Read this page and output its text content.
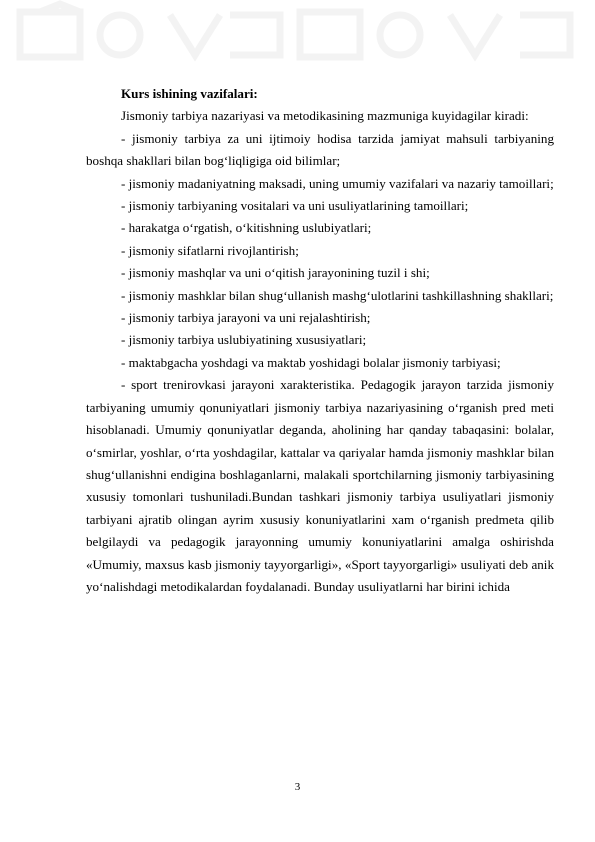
Kurs ishining vazifalari:

Jismoniy tarbiya nazariyasi va metodikasining mazmuniga kuyidagilar kiradi:

- jismoniy tarbiya za uni ijtimoiy hodisa tarzida jamiyat mahsuli tarbiyaning boshqa shakllari bilan bog‘liqligiga oid bilimlar;

- jismoniy madaniyatning maksadi, uning umumiy vazifalari va nazariy tamoillari;

- jismoniy tarbiyaning vositalari va uni usuliyatlarining tamoillari;

- harakatga o‘rgatish, o‘kitishning uslubiyatlari;

- jismoniy sifatlarni rivojlantirish;

- jismoniy mashqlar va uni o‘qitish jarayonining tuzil i shi;

- jismoniy mashklar bilan shug‘ullanish mashg‘ulotlarini tashkillashning shakllari;

- jismoniy tarbiya jarayoni va uni rejalashtirish;

- jismoniy tarbiya uslubiyatining xususiyatlari;

- maktabgacha yoshdagi va maktab yoshidagi bolalar jismoniy tarbiyasi;

- sport trenirovkasi jarayoni xarakteristika. Pedagogik jarayon tarzida jismoniy tarbiyaning umumiy qonuniyatlari jismoniy tarbiya nazariyasining o‘rganish pred meti hisoblanadi. Umumiy qonuniyatlar deganda, aholining har qanday tabaqasini: bolalar, o‘smirlar, yoshlar, o‘rta yoshdagilar, kattalar va qariyalar hamda jismoniy mashklar bilan shug‘ullanishni endigina boshlaganlarni, malakali sportchilarning jismoniy tarbiyasining xususiy tomonlari tushuniladi.Bundan tashkari jismoniy tarbiya usuliyatlari jismoniy tarbiyani ajratib olingan ayrim xususiy konuniyatlarini xam o‘rganish predmeta qilib belgilaydi va pedagogik jarayonning umumiy konuniyatlarini amalga oshirishda «Umumiy, maxsus kasb jismoniy tayyorgarligi», «Sport tayyorgarligi» usuliyati deb anik yo‘nalishdagi metodikalardan foydalanadi. Bunday usuliyatlarni har birini ichida

3
